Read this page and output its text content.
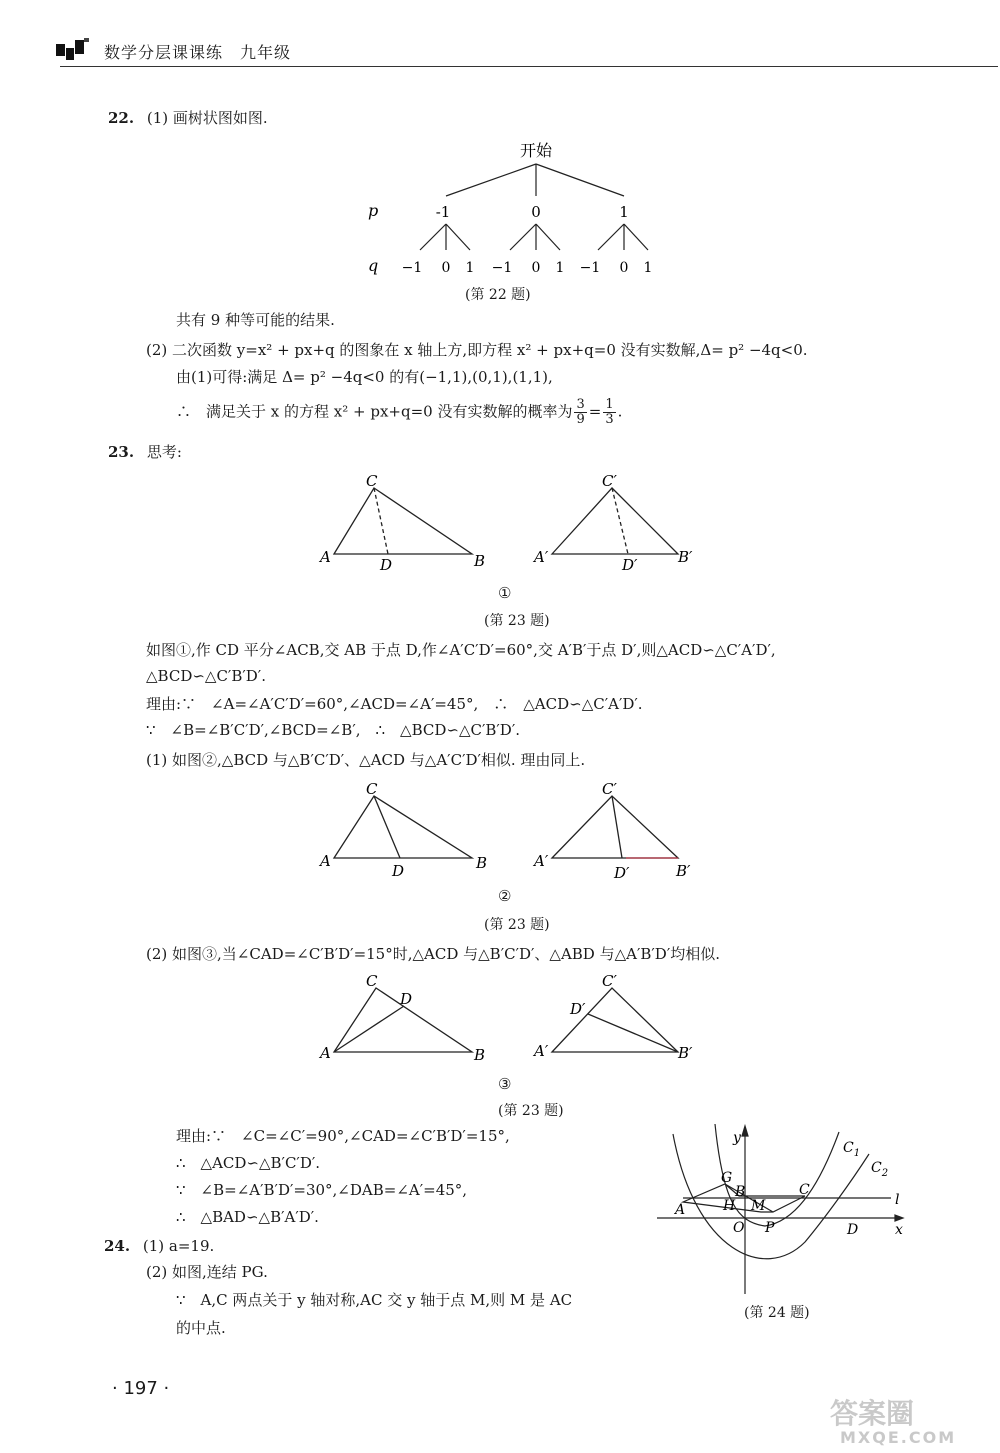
数学分层课课练　九年级
22. (1) 画树状图如图.
开始
p
q
-1	0	1
−1 0 1 −1 0 1 −1 0 1
(第 22 题)
共有 9 种等可能的结果.
(2) 二次函数 y=x² + px+q 的图象在 x 轴上方,即方程 x² + px+q=0 没有实数解,Δ= p² −4q<0.
由(1)可得:满足 Δ= p² −4q<0 的有(−1,1),(0,1),(1,1),
∴　满足关于 x 的方程 x² + px+q=0 没有实数解的概率为 $\frac{3}{9} = \frac{1}{3}$ .
23. 思考:
A
C
B
D	A′
C′
B′
D′
①
(第 23 题)
如图①,作 CD 平分∠ACB,交 AB 于点 D,作∠A′C′D′=60°,交 A′B′于点 D′,则△ACD∽△C′A′D′,
△BCD∽△C′B′D′.
理由:∵　∠A=∠A′C′D′=60°,∠ACD=∠A′=45°,　∴　△ACD∽△C′A′D′.
∵　∠B=∠B′C′D′,∠BCD=∠B′,　∴　△BCD∽△C′B′D′.
(1) 如图②,△BCD 与△B′C′D′、△ACD 与△A′C′D′相似. 理由同上.
A
C
B
D
A′
C′
B′
D′
②
(第 23 题)
(2) 如图③,当∠CAD=∠C′B′D′=15°时,△ACD 与△B′C′D′、△ABD 与△A′B′D′均相似.
A
C
B
D
A′
C′
B′
D′
③
(第 23 题)
理由:∵　∠C=∠C′=90°,∠CAD=∠C′B′D′=15°,
∴　△ACD∽△B′C′D′.
∵　∠B=∠A′B′D′=30°,∠DAB=∠A′=45°,
∴　△BAD∽△B′A′D′.
24. (1) a=19.
(2) 如图,连结 PG.
∵　A,C 两点关于 y 轴对称,AC 交 y 轴于点 M,则 M 是 AC
的中点.
y
x
$C_1$
$C_2$
G
B	C
l
A	H M
O P	D
(第 24 题)
· 197 ·
答案圈
MXQE.COM
